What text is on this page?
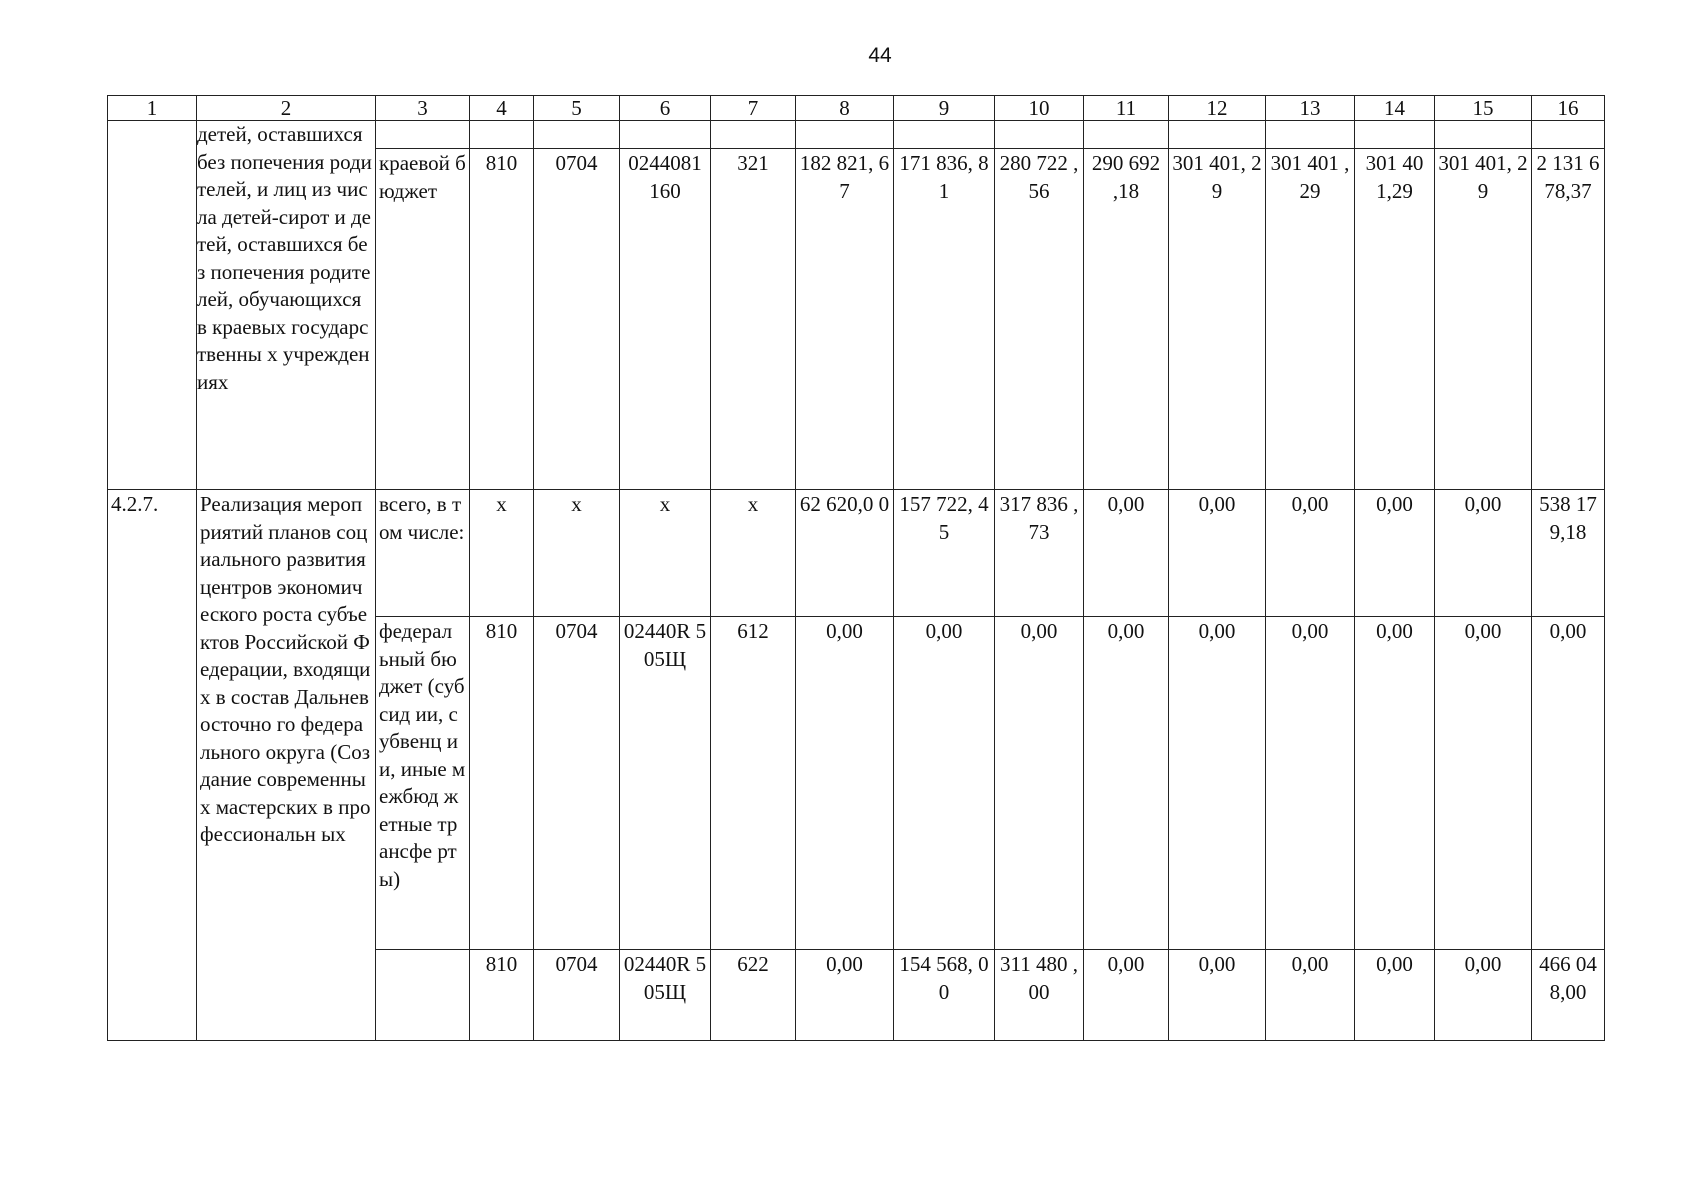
44
1	2	3	4	5	6	7	8	9	10	11	12	13	14	15	16
	детей, оставшихся без попечения родителей, и лиц из числа детей-сирот и детей, оставшихся без попечения родителей, обучающихся в краевых государственны х учреждениях														
		краевой бюджет	810	0704	0244081 160	321	182 821, 67	171 836, 81	280 722 ,56	290 692 ,18	301 401, 29	301 401 ,29	301 40 1,29	301 401, 29	2 131 6 78,37
4.2.7.	Реализация мероприятий планов социального развития центров экономического роста субъектов Российской Федерации, входящих в состав Дальневосточно го федерального округа (Создание современных мастерских в профессиональн ых	всего, в том числе:	x	x	x	x	62 620,0 0	157 722, 45	317 836 ,73	0,00	0,00	0,00	0,00	0,00	538 17 9,18
		федерал ьный бюджет (субсид ии, субвенц ии, иные межбюд жетные трансфе рты)	810	0704	02440R 505Щ	612	0,00	0,00	0,00	0,00	0,00	0,00	0,00	0,00	0,00
			810	0704	02440R 505Щ	622	0,00	154 568, 00	311 480 ,00	0,00	0,00	0,00	0,00	0,00	466 04 8,00
